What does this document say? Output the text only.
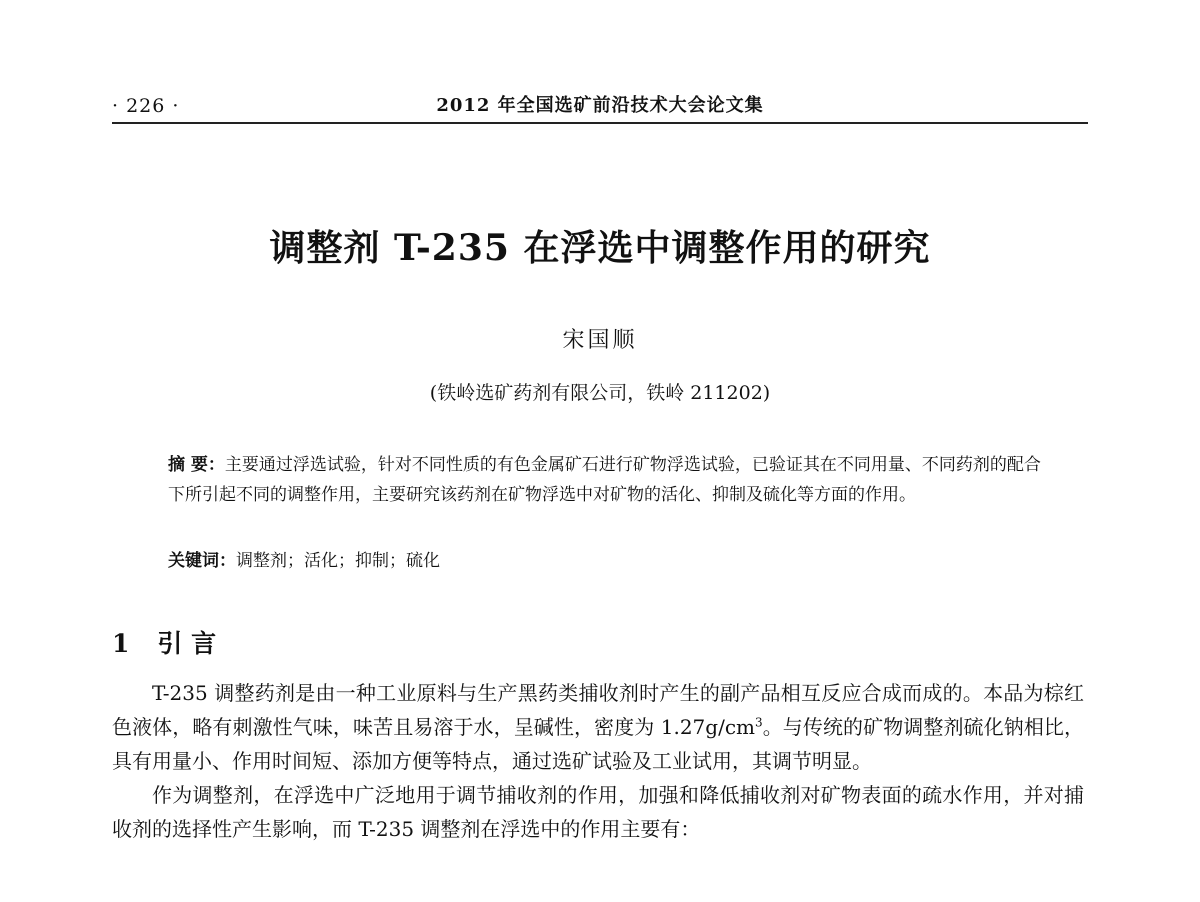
· 226 ·	2012 年全国选矿前沿技术大会论文集
调整剂 T-235 在浮选中调整作用的研究
宋国顺
(铁岭选矿药剂有限公司，铁岭 211202)

摘 要：主要通过浮选试验，针对不同性质的有色金属矿石进行矿物浮选试验，已验证其在不同用量、不同药剂的配合下所引起不同的调整作用，主要研究该药剂在矿物浮选中对矿物的活化、抑制及硫化等方面的作用。

关键词：调整剂；活化；抑制；硫化
1 引 言

T-235 调整药剂是由一种工业原料与生产黑药类捕收剂时产生的副产品相互反应合成而成的。本品为棕红色液体，略有刺激性气味，味苦且易溶于水，呈碱性，密度为 $1.27g/cm^3$。与传统的矿物调整剂硫化钠相比，具有用量小、作用时间短、添加方便等特点，通过选矿试验及工业试用，其调节明显。

作为调整剂，在浮选中广泛地用于调节捕收剂的作用，加强和降低捕收剂对矿物表面的疏水作用，并对捕收剂的选择性产生影响，而 T-235 调整剂在浮选中的作用主要有：
